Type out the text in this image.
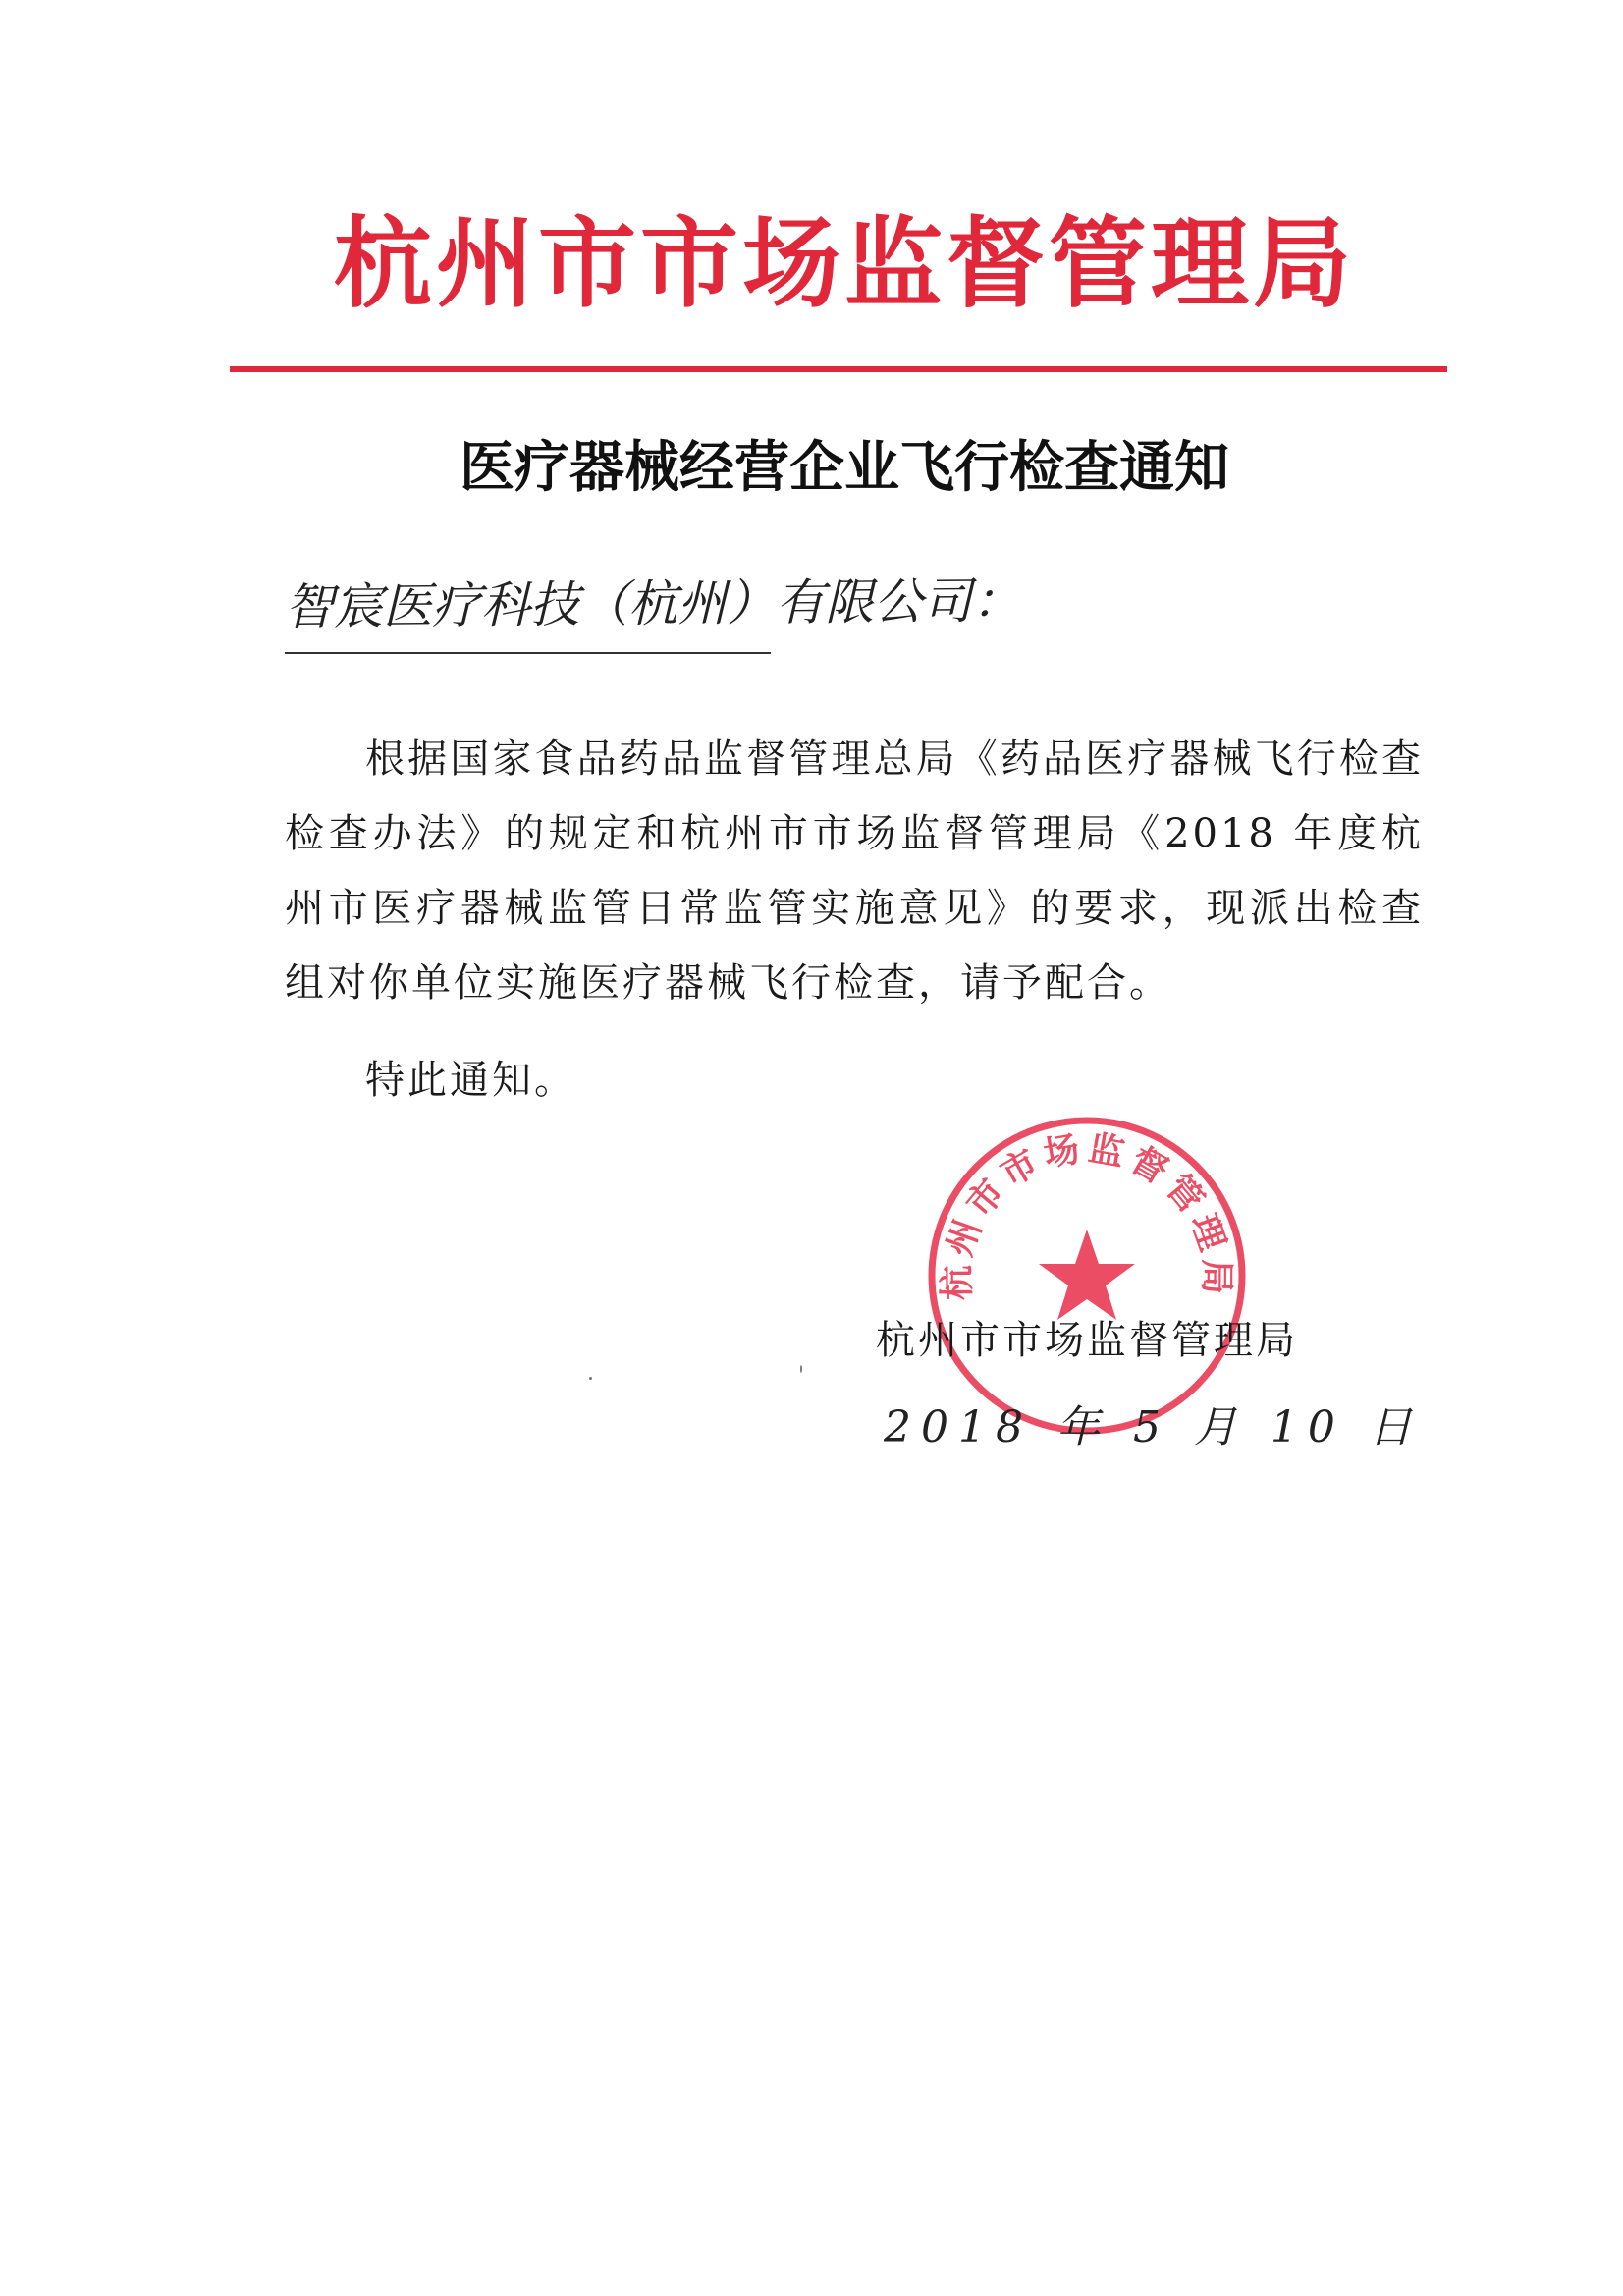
杭州市市场监督管理局
医疗器械经营企业飞行检查通知
智宸医疗科技（杭州）有限公司：
根据国家食品药品监督管理总局《药品医疗器械飞行检查检查办法》的规定和杭州市市场监督管理局《2018 年度杭州市医疗器械监管日常监管实施意见》的要求，现派出检查组对你单位实施医疗器械飞行检查，请予配合。
特此通知。
杭州市市场监督管理局
杭州市市场监督管理局
2018 年 5 月 10 日
